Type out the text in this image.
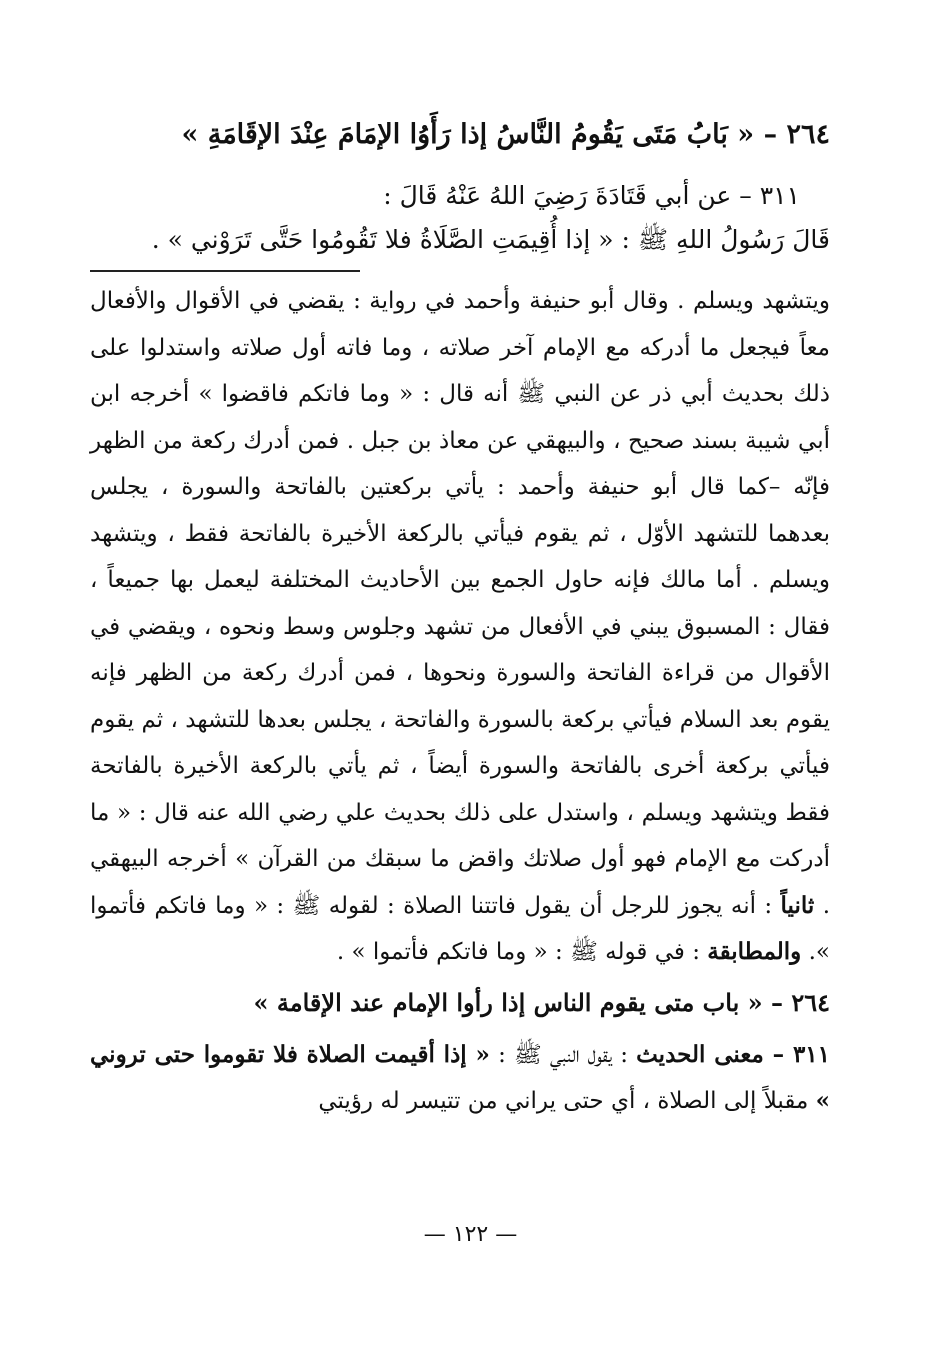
٢٦٤ – « بَابُ مَتَى يَقُومُ النَّاسُ إذا رَأَوُا الإمَامَ عِنْدَ الإقَامَةِ »

٣١١ – عن أبي قَتَادَةَ رَضِيَ اللهُ عَنْهُ قَالَ :

قَالَ رَسُولُ اللهِ ﷺ : « إذا أُقِيمَتِ الصَّلَاةُ فلا تَقُومُوا حَتَّى تَرَوْني » .

ويتشهد ويسلم . وقال أبو حنيفة وأحمد في رواية : يقضي في الأقوال والأفعال معاً فيجعل ما أدركه مع الإمام آخر صلاته ، وما فاته أول صلاته واستدلوا على ذلك بحديث أبي ذر عن النبي ﷺ أنه قال : « وما فاتكم فاقضوا » أخرجه ابن أبي شيبة بسند صحيح ، والبيهقي عن معاذ بن جبل . فمن أدرك ركعة من الظهر فإنّه –كما قال أبو حنيفة وأحمد : يأتي بركعتين بالفاتحة والسورة ، يجلس بعدهما للتشهد الأوّل ، ثم يقوم فيأتي بالركعة الأخيرة بالفاتحة فقط ، ويتشهد ويسلم . أما مالك فإنه حاول الجمع بين الأحاديث المختلفة ليعمل بها جميعاً ، فقال : المسبوق يبني في الأفعال من تشهد وجلوس وسط ونحوه ، ويقضي في الأقوال من قراءة الفاتحة والسورة ونحوها ، فمن أدرك ركعة من الظهر فإنه يقوم بعد السلام فيأتي بركعة بالسورة والفاتحة ، يجلس بعدها للتشهد ، ثم يقوم فيأتي بركعة أخرى بالفاتحة والسورة أيضاً ، ثم يأتي بالركعة الأخيرة بالفاتحة فقط ويتشهد ويسلم ، واستدل على ذلك بحديث علي رضي الله عنه قال : « ما أدركت مع الإمام فهو أول صلاتك واقض ما سبقك من القرآن » أخرجه البيهقي . ثانياً : أنه يجوز للرجل أن يقول فاتتنا الصلاة : لقوله ﷺ : « وما فاتكم فأتموا ». والمطابقة : في قوله ﷺ : « وما فاتكم فأتموا » .

٢٦٤ – « باب متى يقوم الناس إذا رأوا الإمام عند الإقامة »

٣١١ – معنى الحديث : يقول النبي ﷺ : « إذا أقيمت الصلاة فلا تقوموا حتى تروني » مقبلاً إلى الصلاة ، أي حتى يراني من تتيسر له رؤيتي

— ١٢٢ —
